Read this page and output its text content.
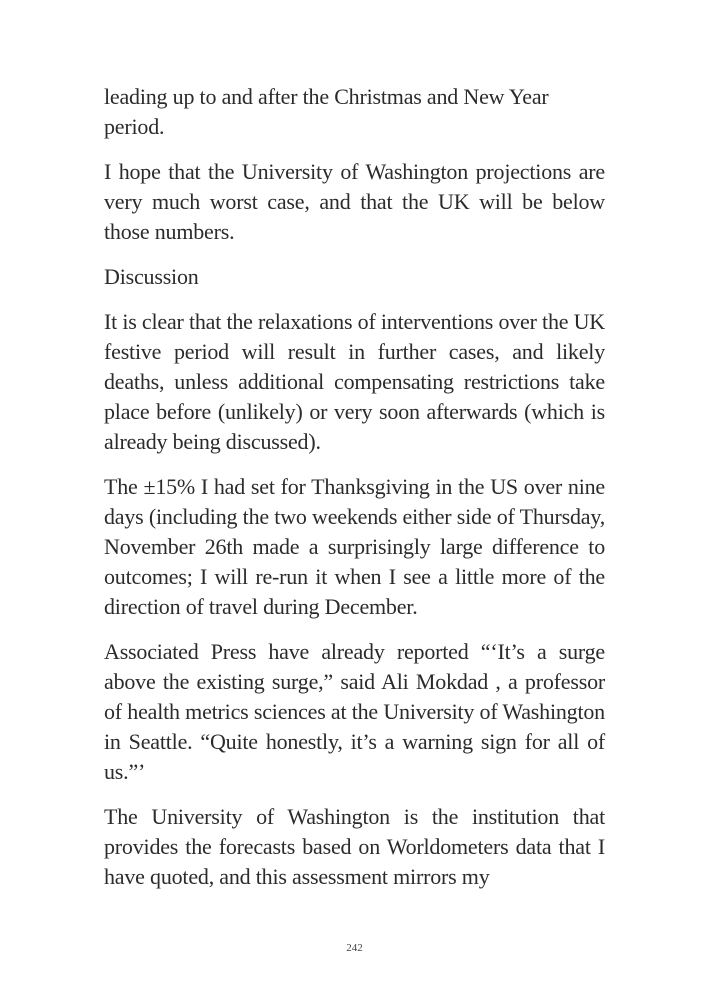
leading up to and after the Christmas and New Year period.

I hope that the University of Washington projections are very much worst case, and that the UK will be below those numbers.

Discussion

It is clear that the relaxations of interventions over the UK festive period will result in further cases, and likely deaths, unless additional compensating restrictions take place before (unlikely) or very soon afterwards (which is already being discussed).

The ±15% I had set for Thanksgiving in the US over nine days (including the two weekends either side of Thursday, November 26th made a surprisingly large difference to outcomes; I will re-run it when I see a little more of the direction of travel during December.

Associated Press have already reported “‘It’s a surge above the existing surge,” said Ali Mokdad , a professor of health metrics sciences at the University of Washington in Seattle. “Quite honestly, it’s a warning sign for all of us.”’

The University of Washington is the institution that provides the forecasts based on Worldometers data that I have quoted, and this assessment mirrors my

242
